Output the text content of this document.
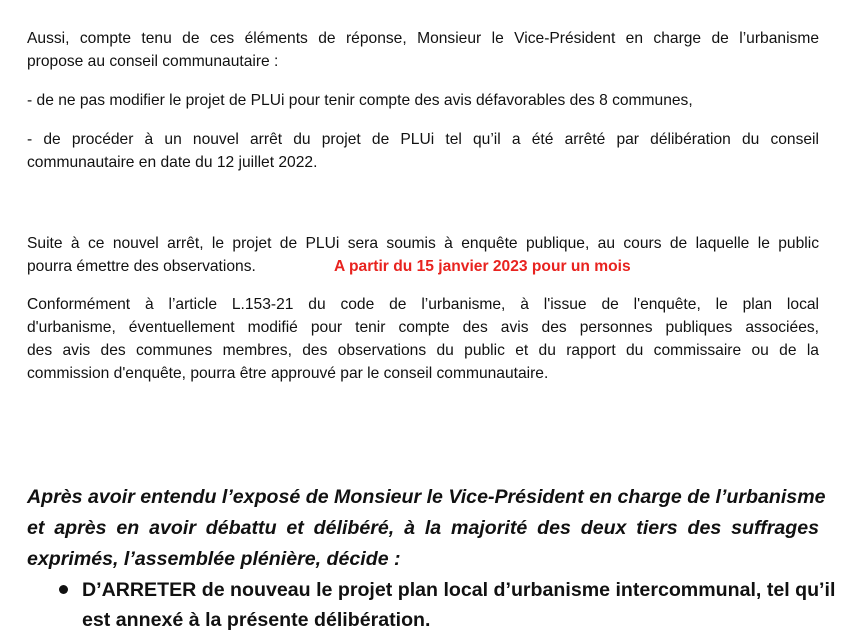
Aussi, compte tenu de ces éléments de réponse, Monsieur le Vice-Président en charge de l’urbanisme
propose au conseil communautaire :

- de ne pas modifier le projet de PLUi pour tenir compte des avis défavorables des 8 communes,

- de procéder à un nouvel arrêt du projet de PLUi tel qu’il a été arrêté par délibération du conseil
communautaire en date du 12 juillet 2022.

Suite à ce nouvel arrêt, le projet de PLUi sera soumis à enquête publique, au cours de laquelle le public
pourra émettre des observations.	A partir du 15 janvier 2023 pour un mois

Conformément à l’article L.153-21 du code de l’urbanisme, à l'issue de l'enquête, le plan local
d'urbanisme, éventuellement modifié pour tenir compte des avis des personnes publiques associées,
des avis des communes membres, des observations du public et du rapport du commissaire ou de la
commission d'enquête, pourra être approuvé par le conseil communautaire.

Après avoir entendu l’exposé de Monsieur le Vice-Président en charge de l’urbanisme
et après en avoir débattu et délibéré, à la majorité des deux tiers des suffrages
exprimés, l’assemblée plénière, décide :

D’ARRETER de nouveau le projet plan local d’urbanisme intercommunal, tel qu’il
est annexé à la présente délibération.
